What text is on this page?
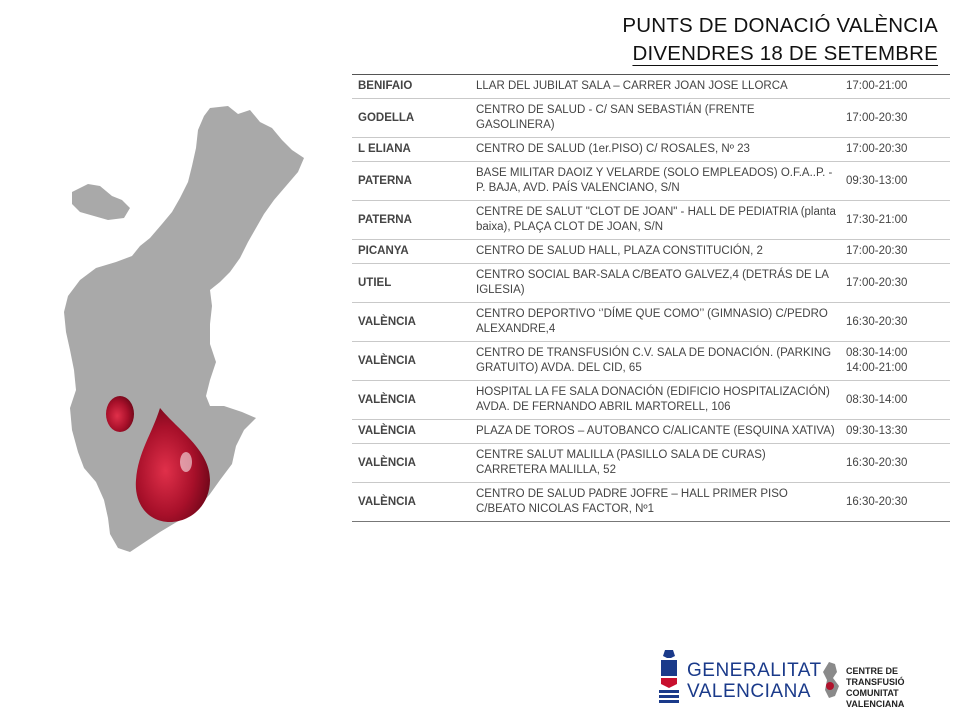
PUNTS DE DONACIÓ VALÈNCIA
DIVENDRES 18 DE SETEMBRE
BENIFAIO	LLAR DEL JUBILAT SALA – CARRER JOAN JOSE LLORCA	17:00-21:00
GODELLA	CENTRO DE SALUD - C/ SAN SEBASTIÁN (FRENTE GASOLINERA)	17:00-20:30
L ELIANA	CENTRO DE SALUD (1er.PISO) C/ ROSALES, Nº 23	17:00-20:30
PATERNA	BASE MILITAR DAOIZ Y VELARDE (SOLO EMPLEADOS) O.F.A..P. - P. BAJA, AVD. PAÍS VALENCIANO, S/N	09:30-13:00
PATERNA	CENTRE DE SALUT "CLOT DE JOAN" - HALL DE PEDIATRIA (planta baixa), PLAÇA CLOT DE JOAN, S/N	17:30-21:00
PICANYA	CENTRO DE SALUD HALL, PLAZA CONSTITUCIÓN, 2	17:00-20:30
UTIEL	CENTRO SOCIAL BAR-SALA C/BEATO GALVEZ,4 (DETRÁS DE LA IGLESIA)	17:00-20:30
VALÈNCIA	CENTRO DEPORTIVO ‘’DÍME QUE COMO’’ (GIMNASIO) C/PEDRO ALEXANDRE,4	16:30-20:30
VALÈNCIA	CENTRO DE TRANSFUSIÓN C.V. SALA DE DONACIÓN. (PARKING GRATUITO) AVDA. DEL CID, 65	08:30-14:00
14:00-21:00
VALÈNCIA	HOSPITAL LA FE SALA DONACIÓN (EDIFICIO HOSPITALIZACIÓN) AVDA. DE FERNANDO ABRIL MARTORELL, 106	08:30-14:00
VALÈNCIA	PLAZA DE TOROS – AUTOBANCO C/ALICANTE (ESQUINA XATIVA)	09:30-13:30
VALÈNCIA	CENTRE SALUT MALILLA (PASILLO SALA DE CURAS) CARRETERA MALILLA, 52	16:30-20:30
VALÈNCIA	CENTRO DE SALUD PADRE JOFRE – HALL PRIMER PISO C/BEATO NICOLAS FACTOR, Nº1	16:30-20:30
GENERALITAT
VALENCIANA
CENTRE DE TRANSFUSIÓ
COMUNITAT VALENCIANA
